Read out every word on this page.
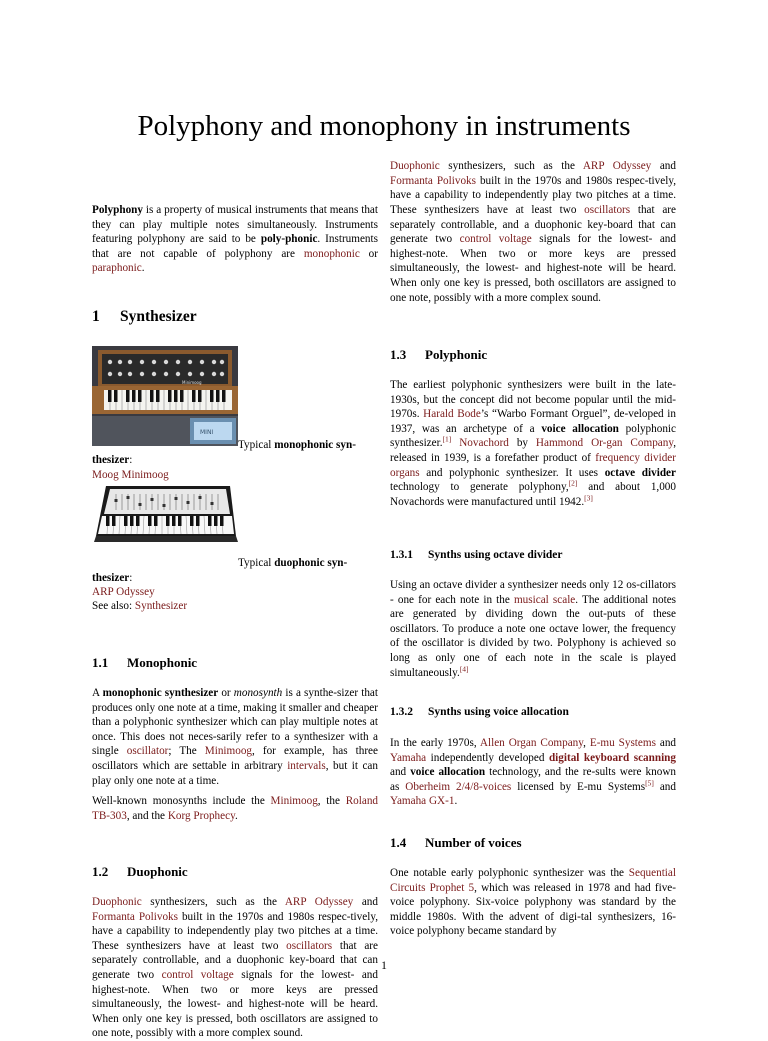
Polyphony and monophony in instruments

Polyphony is a property of musical instruments that means that they can play multiple notes simultaneously. Instruments featuring polyphony are said to be poly-phonic. Instruments that are not capable of polyphony are monophonic or paraphonic.

1 Synthesizer
MINI
Minimoog
Typical monophonic syn-
thesizer:
Moog Minimoog
Typical duophonic syn-
thesizer:
ARP Odyssey
See also: Synthesizer
1.1 Monophonic

A monophonic synthesizer or monosynth is a synthe-sizer that produces only one note at a time, making it smaller and cheaper than a polyphonic synthesizer which can play multiple notes at once. This does not neces-sarily refer to a synthesizer with a single oscillator; The Minimoog, for example, has three oscillators which are settable in arbitrary intervals, but it can play only one note at a time.

Well-known monosynths include the Minimoog, the Roland TB-303, and the Korg Prophecy.

1.2 Duophonic

Duophonic synthesizers, such as the ARP Odyssey and Formanta Polivoks built in the 1970s and 1980s respec-tively, have a capability to independently play two pitches at a time. These synthesizers have at least two oscillators that are separately controllable, and a duophonic key-board that can generate two control voltage signals for the lowest- and highest-note. When two or more keys are pressed simultaneously, the lowest- and highest-note will be heard. When only one key is pressed, both oscillators are assigned to one note, possibly with a more complex sound.

Duophonic synthesizers, such as the ARP Odyssey and Formanta Polivoks built in the 1970s and 1980s respec-tively, have a capability to independently play two pitches at a time. These synthesizers have at least two oscillators that are separately controllable, and a duophonic key-board that can generate two control voltage signals for the lowest- and highest-note. When two or more keys are pressed simultaneously, the lowest- and highest-note will be heard. When only one key is pressed, both oscillators are assigned to one note, possibly with a more complex sound.

1.3 Polyphonic

The earliest polyphonic synthesizers were built in the late-1930s, but the concept did not become popular until the mid-1970s. Harald Bode’s “Warbo Formant Orguel”, de-veloped in 1937, was an archetype of a voice allocation polyphonic synthesizer.[1] Novachord by Hammond Or-gan Company, released in 1939, is a forefather product of frequency divider organs and polyphonic synthesizer. It uses octave divider technology to generate polyphony,[2] and about 1,000 Novachords were manufactured until 1942.[3]

1.3.1 Synths using octave divider

Using an octave divider a synthesizer needs only 12 os-cillators - one for each note in the musical scale. The additional notes are generated by dividing down the out-puts of these oscillators. To produce a note one octave lower, the frequency of the oscillator is divided by two. Polyphony is achieved so long as only one of each note in the scale is played simultaneously.[4]

1.3.2 Synths using voice allocation

In the early 1970s, Allen Organ Company, E-mu Systems and Yamaha independently developed digital keyboard scanning and voice allocation technology, and the re-sults were known as Oberheim 2/4/8-voices licensed by E-mu Systems[5] and Yamaha GX-1.

1.4 Number of voices

One notable early polyphonic synthesizer was the Sequential Circuits Prophet 5, which was released in 1978 and had five-voice polyphony. Six-voice polyphony was standard by the middle 1980s. With the advent of digi-tal synthesizers, 16-voice polyphony became standard by

1
